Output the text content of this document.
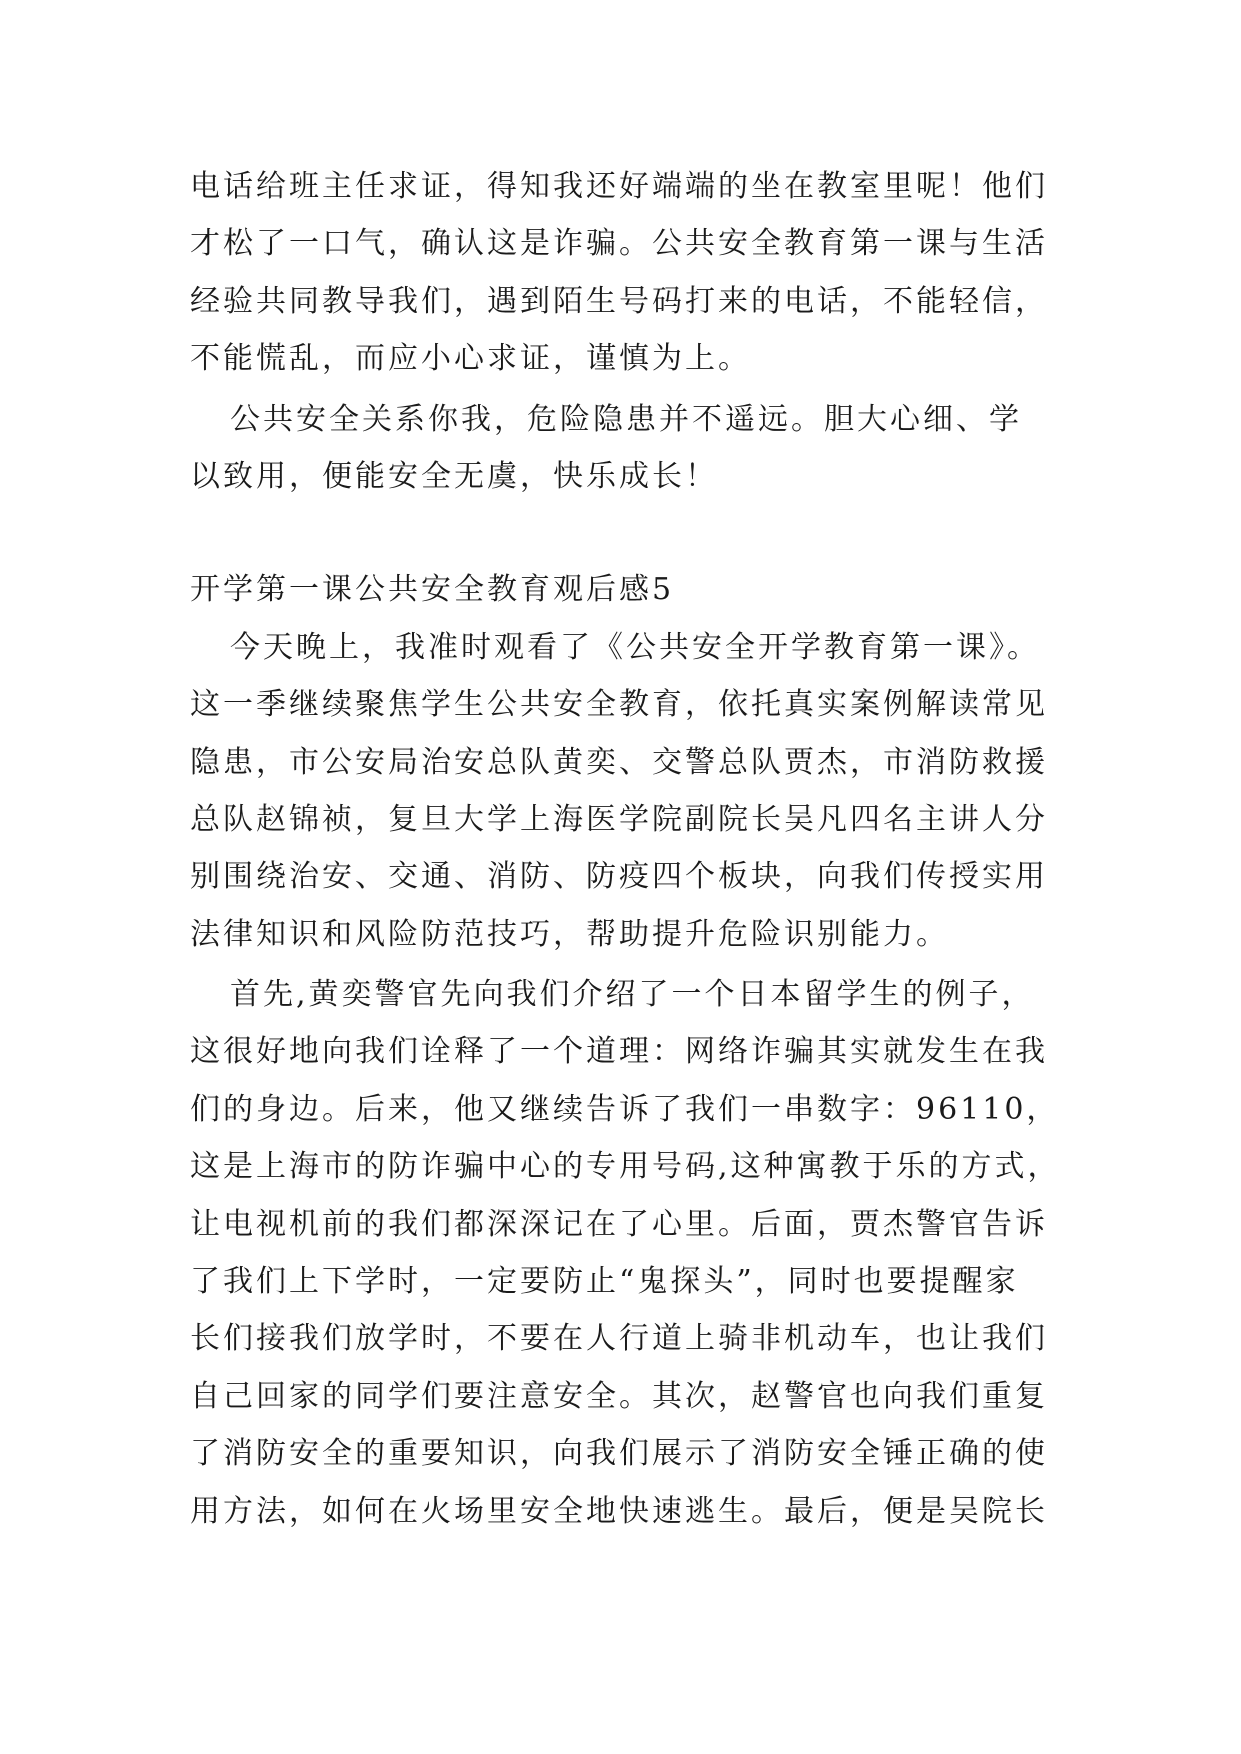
电话给班主任求证，得知我还好端端的坐在教室里呢！他们
才松了一口气，确认这是诈骗。公共安全教育第一课与生活
经验共同教导我们，遇到陌生号码打来的电话，不能轻信，
不能慌乱，而应小心求证，谨慎为上。
公共安全关系你我，危险隐患并不遥远。胆大心细、学
以致用，便能安全无虞，快乐成长！
开学第一课公共安全教育观后感5
今天晚上，我准时观看了《公共安全开学教育第一课》。
这一季继续聚焦学生公共安全教育，依托真实案例解读常见
隐患，市公安局治安总队黄奕、交警总队贾杰，市消防救援
总队赵锦祯，复旦大学上海医学院副院长吴凡四名主讲人分
别围绕治安、交通、消防、防疫四个板块，向我们传授实用
法律知识和风险防范技巧，帮助提升危险识别能力。
首先,黄奕警官先向我们介绍了一个日本留学生的例子，
这很好地向我们诠释了一个道理：网络诈骗其实就发生在我
们的身边。后来，他又继续告诉了我们一串数字：96110，
这是上海市的防诈骗中心的专用号码,这种寓教于乐的方式，
让电视机前的我们都深深记在了心里。后面，贾杰警官告诉
了我们上下学时，一定要防止“鬼探头”，同时也要提醒家
长们接我们放学时，不要在人行道上骑非机动车，也让我们
自己回家的同学们要注意安全。其次，赵警官也向我们重复
了消防安全的重要知识，向我们展示了消防安全锤正确的使
用方法，如何在火场里安全地快速逃生。最后，便是吴院长
